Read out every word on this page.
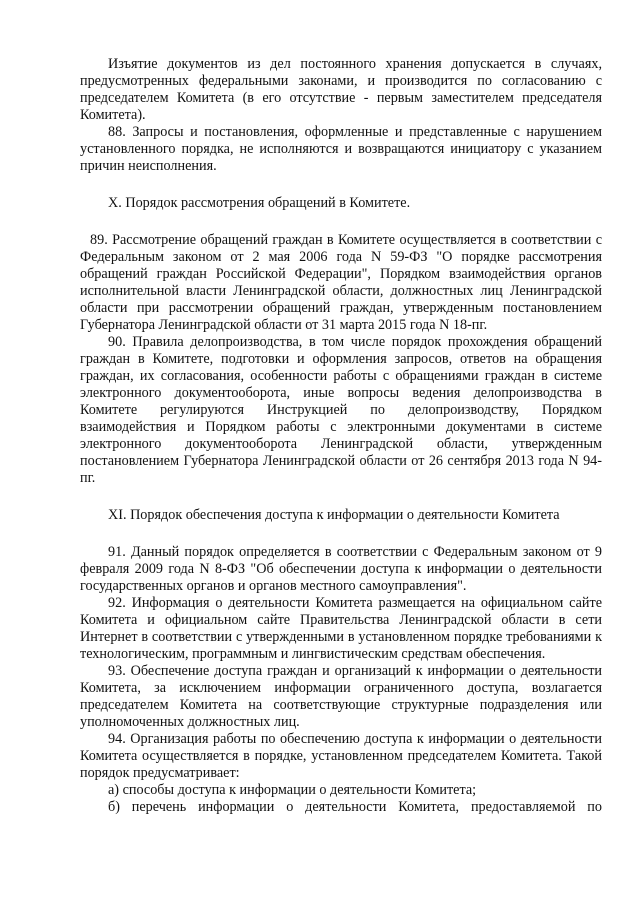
Изъятие документов из дел постоянного хранения допускается в случаях, предусмотренных федеральными законами, и производится по согласованию с председателем Комитета (в его отсутствие - первым заместителем председателя Комитета).

88. Запросы и постановления, оформленные и представленные с нарушением установленного порядка, не исполняются и возвращаются инициатору с указанием причин неисполнения.

X. Порядок рассмотрения обращений в Комитете.

89. Рассмотрение обращений граждан в Комитете осуществляется в соответствии с Федеральным законом от 2 мая 2006 года N 59-ФЗ "О порядке рассмотрения обращений граждан Российской Федерации", Порядком взаимодействия органов исполнительной власти Ленинградской области, должностных лиц Ленинградской области при рассмотрении обращений граждан, утвержденным постановлением Губернатора Ленинградской области от 31 марта 2015 года N 18-пг.

90. Правила делопроизводства, в том числе порядок прохождения обращений граждан в Комитете, подготовки и оформления запросов, ответов на обращения граждан, их согласования, особенности работы с обращениями граждан в системе электронного документооборота, иные вопросы ведения делопроизводства в Комитете регулируются Инструкцией по делопроизводству, Порядком взаимодействия и Порядком работы с электронными документами в системе электронного документооборота Ленинградской области, утвержденным постановлением Губернатора Ленинградской области от 26 сентября 2013 года N 94-пг.

XI. Порядок обеспечения доступа к информации о деятельности Комитета

91. Данный порядок определяется в соответствии с Федеральным законом от 9 февраля 2009 года N 8-ФЗ "Об обеспечении доступа к информации о деятельности государственных органов и органов местного самоуправления".

92. Информация о деятельности Комитета размещается на официальном сайте Комитета и официальном сайте Правительства Ленинградской области в сети Интернет в соответствии с утвержденными в установленном порядке требованиями к технологическим, программным и лингвистическим средствам обеспечения.

93. Обеспечение доступа граждан и организаций к информации о деятельности Комитета, за исключением информации ограниченного доступа, возлагается председателем Комитета на соответствующие структурные подразделения или уполномоченных должностных лиц.

94. Организация работы по обеспечению доступа к информации о деятельности Комитета осуществляется в порядке, установленном председателем Комитета. Такой порядок предусматривает:

а) способы доступа к информации о деятельности Комитета;

б) перечень информации о деятельности Комитета, предоставляемой по
